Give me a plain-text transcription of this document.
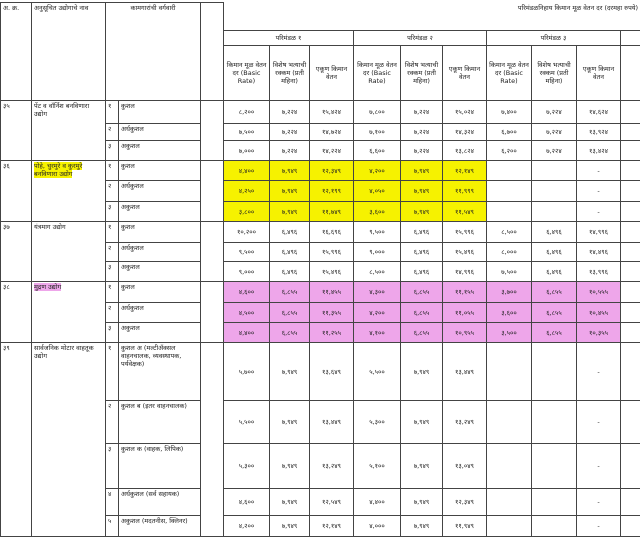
अ. क्र.	अनुसूचित उद्योगाचे नाव	कामगारांची वर्गवारी			परिमंडळनिहाय किमान मूळ वेतन दर (दरमहा रुपये)									
					परिमंडळ १			परिमंडळ २			परिमंडळ ३			
					किमान मूळ वेतन दर (Basic Rate)	विशेष भत्याची रक्कम (प्रती महिना)	एकूण किमान वेतन	किमान मूळ वेतन दर (Basic Rate)	विशेष भत्याची रक्कम (प्रती महिना)	एकूण किमान वेतन	किमान मूळ वेतन दर (Basic Rate)	विशेष भत्याची रक्कम (प्रती महिना)	एकूण किमान वेतन	
३५	पेंट व वॉर्निश बनविणारा उद्योग	१	कुशल		८,२००	७,२२४	१५,४२४	७,८००	७,२२४	१५,०२४	७,४००	७,२२४	१४,६२४	
		२	अर्धकुशल		७,५००	७,२२४	१४,७२४	७,१००	७,२२४	१४,३२४	६,७००	७,२२४	१३,९२४	
		३	अकुशल		७,०००	७,२२४	१४,२२४	६,६००	७,२२४	१३,८२४	६,२००	७,२२४	१३,४२४	
३६	पोहे, चुरमुरे व कुरमुरे बनविणारा उद्योग	१	कुशल		४,४००	७,९४९	१२,३४९	४,२००	७,९४९	१२,१४९			-	
		२	अर्धकुशल		४,२५०	७,९४९	१२,१९९	४,०५०	७,९४९	११,९९९			-	
		३	अकुशल		३,८००	७,९४९	११,७४९	३,६००	७,९४९	११,५४९			-	
३७	यंत्रमाग उद्योग	१	कुशल		१०,२००	६,४९६	१६,६९६	९,५००	६,४९६	१५,९९६	८,५००	६,४९६	१४,९९६	
		२	अर्धकुशल		९,५००	६,४९६	१५,९९६	९,०००	६,४९६	१५,४९६	८,०००	६,४९६	१४,४९६	
		३	अकुशल		९,०००	६,४९६	१५,४९६	८,५००	६,४९६	१४,९९६	७,५००	६,४९६	१३,९९६	
३८	मुद्रण उद्योग	१	कुशल		४,६००	६,८५५	११,४५५	४,३००	६,८५५	११,१५५	३,७००	६,८५५	१०,५५५	
		२	अर्धकुशल		४,५००	६,८५५	११,३५५	४,२००	६,८५५	११,०५५	३,६००	६,८५५	१०,४५५	
		३	अकुशल		४,४००	६,८५५	११,२५५	४,१००	६,८५५	१०,९५५	३,५००	६,८५५	१०,३५५	
३९	सार्वजनिक मोटार वाहतूक उद्योग	१	कुशल अ (मल्टीॲक्सल वाहनचालक, व्यवस्थापक, पर्यवेक्षक)		५,७००	७,९४९	१३,६४९	५,५००	७,९४९	१३,४४९			-	
		२	कुशल ब (इतर वाहनचालक)		५,५००	७,९४९	१३,४४९	५,३००	७,९४९	१३,२४९			-	
		३	कुशल क (वाहक, लिपिक)		५,३००	७,९४९	१३,२४९	५,१००	७,९४९	१३,०४९			-	
		४	अर्धकुशल (सर्व सहायक)		४,६००	७,९४९	१२,५४९	४,४००	७,९४९	१२,३४९			-	
		५	अकुशल (मदतनीस, क्लिनर)		४,२००	७,९४९	१२,१४९	४,०००	७,९४९	११,९४९			-	
